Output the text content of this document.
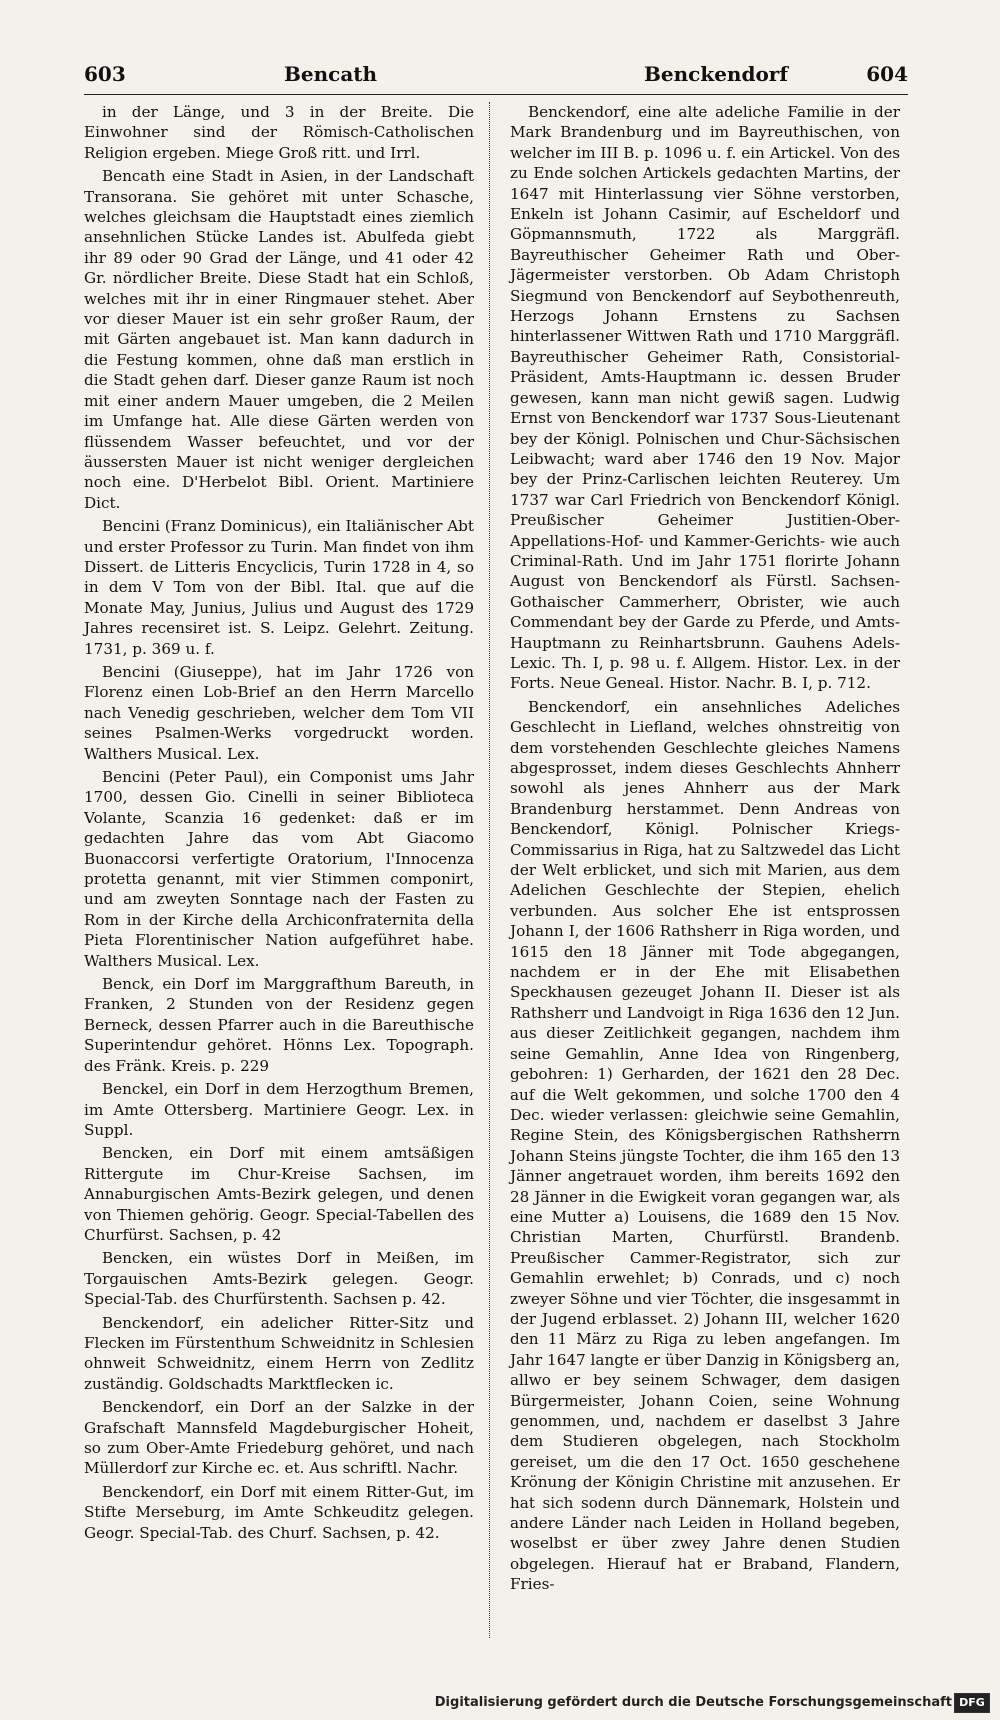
603	Bencath	Benckendorf	604

in der Länge, und 3 in der Breite. Die Einwohner sind der Römisch-Catholischen Religion ergeben. Miege Groß ritt. und Irrl.

Bencath eine Stadt in Asien, in der Landschaft Transorana. Sie gehöret mit unter Schasche, welches gleichsam die Hauptstadt eines ziemlich ansehnlichen Stücke Landes ist. Abulfeda giebt ihr 89 oder 90 Grad der Länge, und 41 oder 42 Gr. nördlicher Breite. Diese Stadt hat ein Schloß, welches mit ihr in einer Ringmauer stehet. Aber vor dieser Mauer ist ein sehr großer Raum, der mit Gärten angebauet ist. Man kann dadurch in die Festung kommen, ohne daß man erstlich in die Stadt gehen darf. Dieser ganze Raum ist noch mit einer andern Mauer umgeben, die 2 Meilen im Umfange hat. Alle diese Gärten werden von flüssendem Wasser befeuchtet, und vor der äussersten Mauer ist nicht weniger dergleichen noch eine. D'Herbelot Bibl. Orient. Martiniere Dict.

Bencini (Franz Dominicus), ein Italiänischer Abt und erster Professor zu Turin. Man findet von ihm Dissert. de Litteris Encyclicis, Turin 1728 in 4, so in dem V Tom von der Bibl. Ital. que auf die Monate May, Junius, Julius und August des 1729 Jahres recensiret ist. S. Leipz. Gelehrt. Zeitung. 1731, p. 369 u. f.

Bencini (Giuseppe), hat im Jahr 1726 von Florenz einen Lob-Brief an den Herrn Marcello nach Venedig geschrieben, welcher dem Tom VII seines Psalmen-Werks vorgedruckt worden. Walthers Musical. Lex.

Bencini (Peter Paul), ein Componist ums Jahr 1700, dessen Gio. Cinelli in seiner Biblioteca Volante, Scanzia 16 gedenket: daß er im gedachten Jahre das vom Abt Giacomo Buonaccorsi verfertigte Oratorium, l'Innocenza protetta genannt, mit vier Stimmen componirt, und am zweyten Sonntage nach der Fasten zu Rom in der Kirche della Archiconfraternita della Pieta Florentinischer Nation aufgeführet habe. Walthers Musical. Lex.

Benck, ein Dorf im Marggrafthum Bareuth, in Franken, 2 Stunden von der Residenz gegen Berneck, dessen Pfarrer auch in die Bareuthische Superintendur gehöret. Hönns Lex. Topograph. des Fränk. Kreis. p. 229

Benckel, ein Dorf in dem Herzogthum Bremen, im Amte Ottersberg. Martiniere Geogr. Lex. in Suppl.

Bencken, ein Dorf mit einem amtsäßigen Rittergute im Chur-Kreise Sachsen, im Annaburgischen Amts-Bezirk gelegen, und denen von Thiemen gehörig. Geogr. Special-Tabellen des Churfürst. Sachsen, p. 42

Bencken, ein wüstes Dorf in Meißen, im Torgauischen Amts-Bezirk gelegen. Geogr. Special-Tab. des Churfürstenth. Sachsen p. 42.

Benckendorf, ein adelicher Ritter-Sitz und Flecken im Fürstenthum Schweidnitz in Schlesien ohnweit Schweidnitz, einem Herrn von Zedlitz zuständig. Goldschadts Marktflecken ic.

Benckendorf, ein Dorf an der Salzke in der Grafschaft Mannsfeld Magdeburgischer Hoheit, so zum Ober-Amte Friedeburg gehöret, und nach Müllerdorf zur Kirche ec. et. Aus schriftl. Nachr.

Benckendorf, ein Dorf mit einem Ritter-Gut, im Stifte Merseburg, im Amte Schkeuditz gelegen. Geogr. Special-Tab. des Churf. Sachsen, p. 42.

Benckendorf, eine alte adeliche Familie in der Mark Brandenburg und im Bayreuthischen, von welcher im III B. p. 1096 u. f. ein Artickel. Von des zu Ende solchen Artickels gedachten Martins, der 1647 mit Hinterlassung vier Söhne verstorben, Enkeln ist Johann Casimir, auf Escheldorf und Göpmannsmuth, 1722 als Marggräfl. Bayreuthischer Geheimer Rath und Ober-Jägermeister verstorben. Ob Adam Christoph Siegmund von Benckendorf auf Seybothenreuth, Herzogs Johann Ernstens zu Sachsen hinterlassener Wittwen Rath und 1710 Marggräfl. Bayreuthischer Geheimer Rath, Consistorial-Präsident, Amts-Hauptmann ic. dessen Bruder gewesen, kann man nicht gewiß sagen. Ludwig Ernst von Benckendorf war 1737 Sous-Lieutenant bey der Königl. Polnischen und Chur-Sächsischen Leibwacht; ward aber 1746 den 19 Nov. Major bey der Prinz-Carlischen leichten Reuterey. Um 1737 war Carl Friedrich von Benckendorf Königl. Preußischer Geheimer Justitien-Ober-Appellations-Hof- und Kammer-Gerichts- wie auch Criminal-Rath. Und im Jahr 1751 florirte Johann August von Benckendorf als Fürstl. Sachsen-Gothaischer Cammerherr, Obrister, wie auch Commendant bey der Garde zu Pferde, und Amts-Hauptmann zu Reinhartsbrunn. Gauhens Adels-Lexic. Th. I, p. 98 u. f. Allgem. Histor. Lex. in der Forts. Neue Geneal. Histor. Nachr. B. I, p. 712.

Benckendorf, ein ansehnliches Adeliches Geschlecht in Liefland, welches ohnstreitig von dem vorstehenden Geschlechte gleiches Namens abgesprosset, indem dieses Geschlechts Ahnherr sowohl als jenes Ahnherr aus der Mark Brandenburg herstammet. Denn Andreas von Benckendorf, Königl. Polnischer Kriegs-Commissarius in Riga, hat zu Saltzwedel das Licht der Welt erblicket, und sich mit Marien, aus dem Adelichen Geschlechte der Stepien, ehelich verbunden. Aus solcher Ehe ist entsprossen Johann I, der 1606 Rathsherr in Riga worden, und 1615 den 18 Jänner mit Tode abgegangen, nachdem er in der Ehe mit Elisabethen Speckhausen gezeuget Johann II. Dieser ist als Rathsherr und Landvoigt in Riga 1636 den 12 Jun. aus dieser Zeitlichkeit gegangen, nachdem ihm seine Gemahlin, Anne Idea von Ringenberg, gebohren: 1) Gerharden, der 1621 den 28 Dec. auf die Welt gekommen, und solche 1700 den 4 Dec. wieder verlassen: gleichwie seine Gemahlin, Regine Stein, des Königsbergischen Rathsherrn Johann Steins jüngste Tochter, die ihm 165 den 13 Jänner angetrauet worden, ihm bereits 1692 den 28 Jänner in die Ewigkeit voran gegangen war, als eine Mutter a) Louisens, die 1689 den 15 Nov. Christian Marten, Churfürstl. Brandenb. Preußischer Cammer-Registrator, sich zur Gemahlin erwehlet; b) Conrads, und c) noch zweyer Söhne und vier Töchter, die insgesammt in der Jugend erblasset. 2) Johann III, welcher 1620 den 11 März zu Riga zu leben angefangen. Im Jahr 1647 langte er über Danzig in Königsberg an, allwo er bey seinem Schwager, dem dasigen Bürgermeister, Johann Coien, seine Wohnung genommen, und, nachdem er daselbst 3 Jahre dem Studieren obgelegen, nach Stockholm gereiset, um die den 17 Oct. 1650 geschehene Krönung der Königin Christine mit anzusehen. Er hat sich sodenn durch Dännemark, Holstein und andere Länder nach Leiden in Holland begeben, woselbst er über zwey Jahre denen Studien obgelegen. Hierauf hat er Braband, Flandern, Fries-

Digitalisierung gefördert durch die Deutsche Forschungsgemeinschaft DFG
